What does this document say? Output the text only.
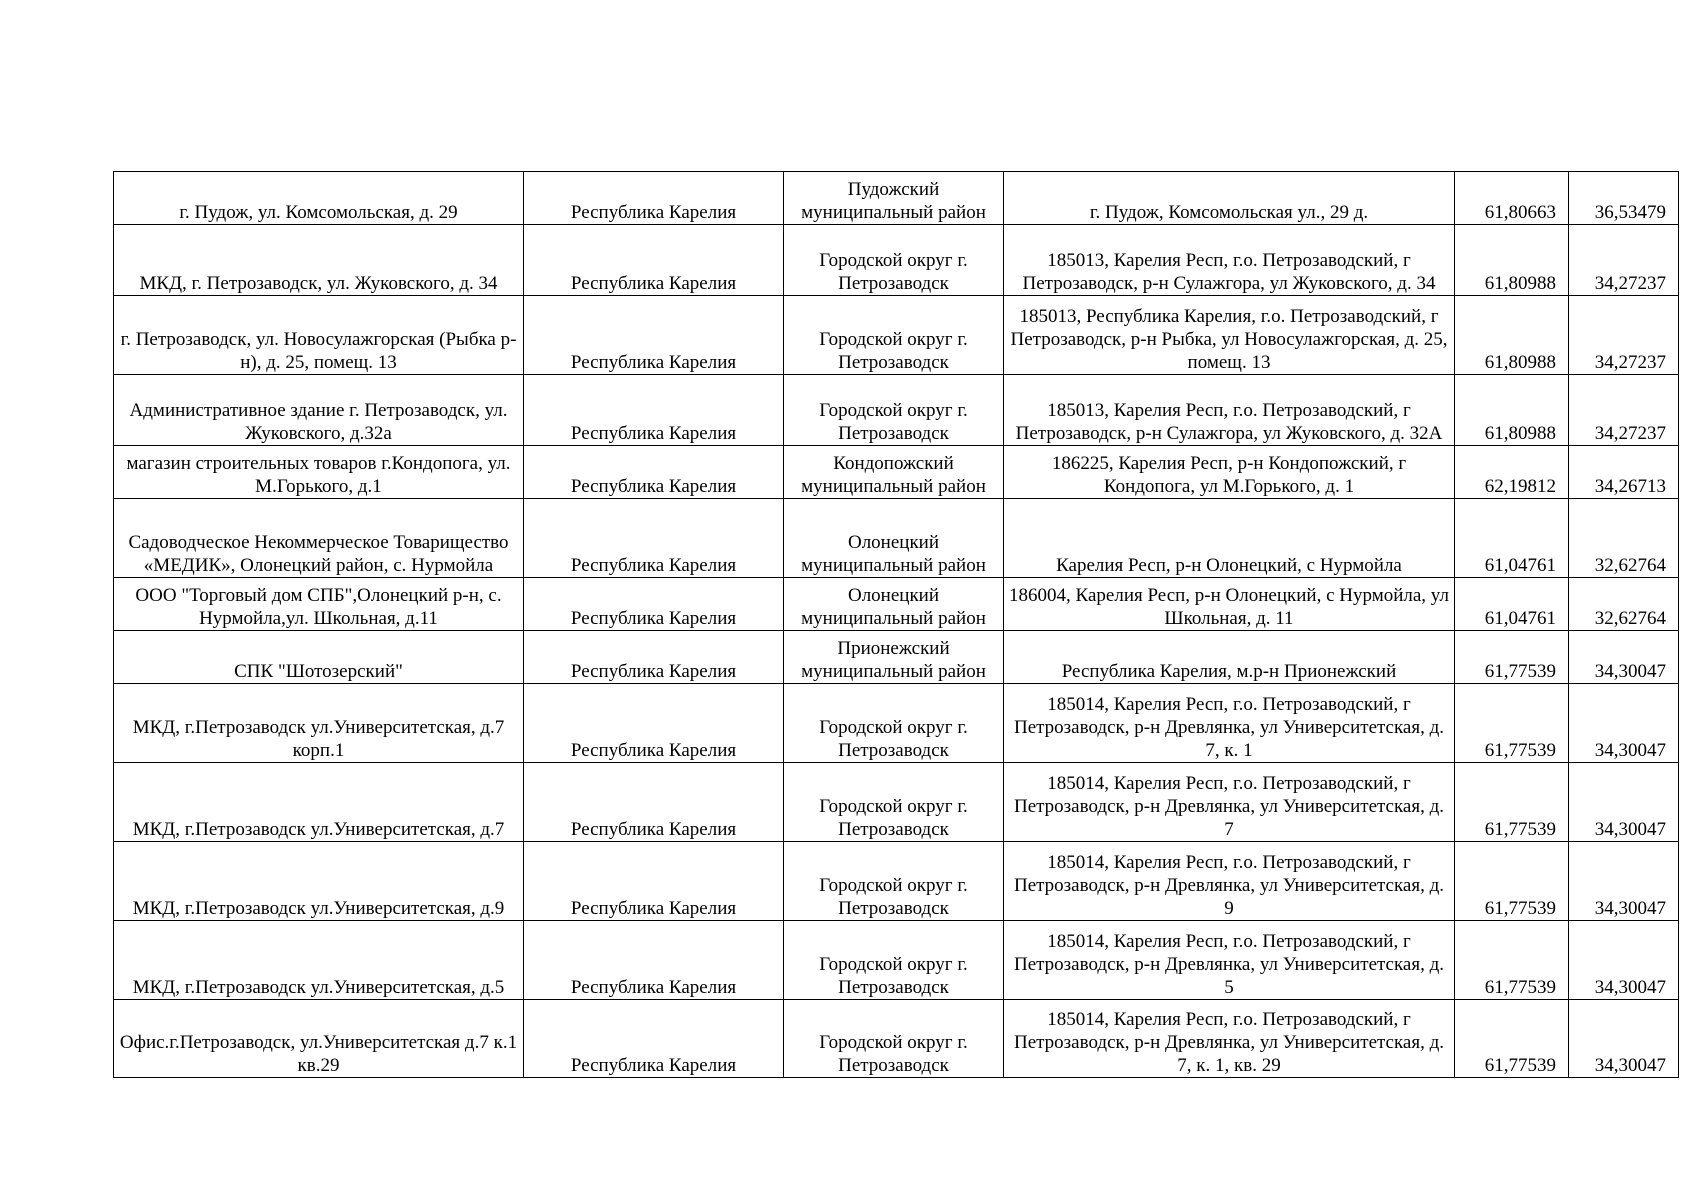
г. Пудож, ул. Комсомольская, д. 29	Республика Карелия	Пудожский муниципальный район	г. Пудож, Комсомольская ул., 29 д.	61,80663	36,53479
МКД, г. Петрозаводск, ул. Жуковского, д. 34	Республика Карелия	Городской округ г. Петрозаводск	185013, Карелия Респ, г.о. Петрозаводский, г Петрозаводск, р-н Сулажгора, ул Жуковского, д. 34	61,80988	34,27237
г. Петрозаводск, ул. Новосулажгорская (Рыбка р-н), д. 25, помещ. 13	Республика Карелия	Городской округ г. Петрозаводск	185013, Республика Карелия, г.о. Петрозаводский, г Петрозаводск, р-н Рыбка, ул Новосулажгорская, д. 25, помещ. 13	61,80988	34,27237
Административное здание г. Петрозаводск, ул. Жуковского, д.32а	Республика Карелия	Городской округ г. Петрозаводск	185013, Карелия Респ, г.о. Петрозаводский, г Петрозаводск, р-н Сулажгора, ул Жуковского, д. 32А	61,80988	34,27237
магазин строительных товаров г.Кондопога, ул. М.Горького, д.1	Республика Карелия	Кондопожский муниципальный район	186225, Карелия Респ, р-н Кондопожский, г Кондопога, ул М.Горького, д. 1	62,19812	34,26713
Садоводческое Некоммерческое Товарищество «МЕДИК», Олонецкий район, с. Нурмойла	Республика Карелия	Олонецкий муниципальный район	Карелия Респ, р-н Олонецкий, с Нурмойла	61,04761	32,62764
ООО "Торговый дом СПБ",Олонецкий р-н, с. Нурмойла,ул. Школьная, д.11	Республика Карелия	Олонецкий муниципальный район	186004, Карелия Респ, р-н Олонецкий, с Нурмойла, ул Школьная, д. 11	61,04761	32,62764
СПК "Шотозерский"	Республика Карелия	Прионежский муниципальный район	Республика Карелия, м.р-н Прионежский	61,77539	34,30047
МКД, г.Петрозаводск ул.Университетская, д.7 корп.1	Республика Карелия	Городской округ г. Петрозаводск	185014, Карелия Респ, г.о. Петрозаводский, г Петрозаводск, р-н Древлянка, ул Университетская, д. 7, к. 1	61,77539	34,30047
МКД, г.Петрозаводск ул.Университетская, д.7	Республика Карелия	Городской округ г. Петрозаводск	185014, Карелия Респ, г.о. Петрозаводский, г Петрозаводск, р-н Древлянка, ул Университетская, д. 7	61,77539	34,30047
МКД, г.Петрозаводск ул.Университетская, д.9	Республика Карелия	Городской округ г. Петрозаводск	185014, Карелия Респ, г.о. Петрозаводский, г Петрозаводск, р-н Древлянка, ул Университетская, д. 9	61,77539	34,30047
МКД, г.Петрозаводск ул.Университетская, д.5	Республика Карелия	Городской округ г. Петрозаводск	185014, Карелия Респ, г.о. Петрозаводский, г Петрозаводск, р-н Древлянка, ул Университетская, д. 5	61,77539	34,30047
Офис.г.Петрозаводск, ул.Университетская д.7 к.1 кв.29	Республика Карелия	Городской округ г. Петрозаводск	185014, Карелия Респ, г.о. Петрозаводский, г Петрозаводск, р-н Древлянка, ул Университетская, д. 7, к. 1, кв. 29	61,77539	34,30047
